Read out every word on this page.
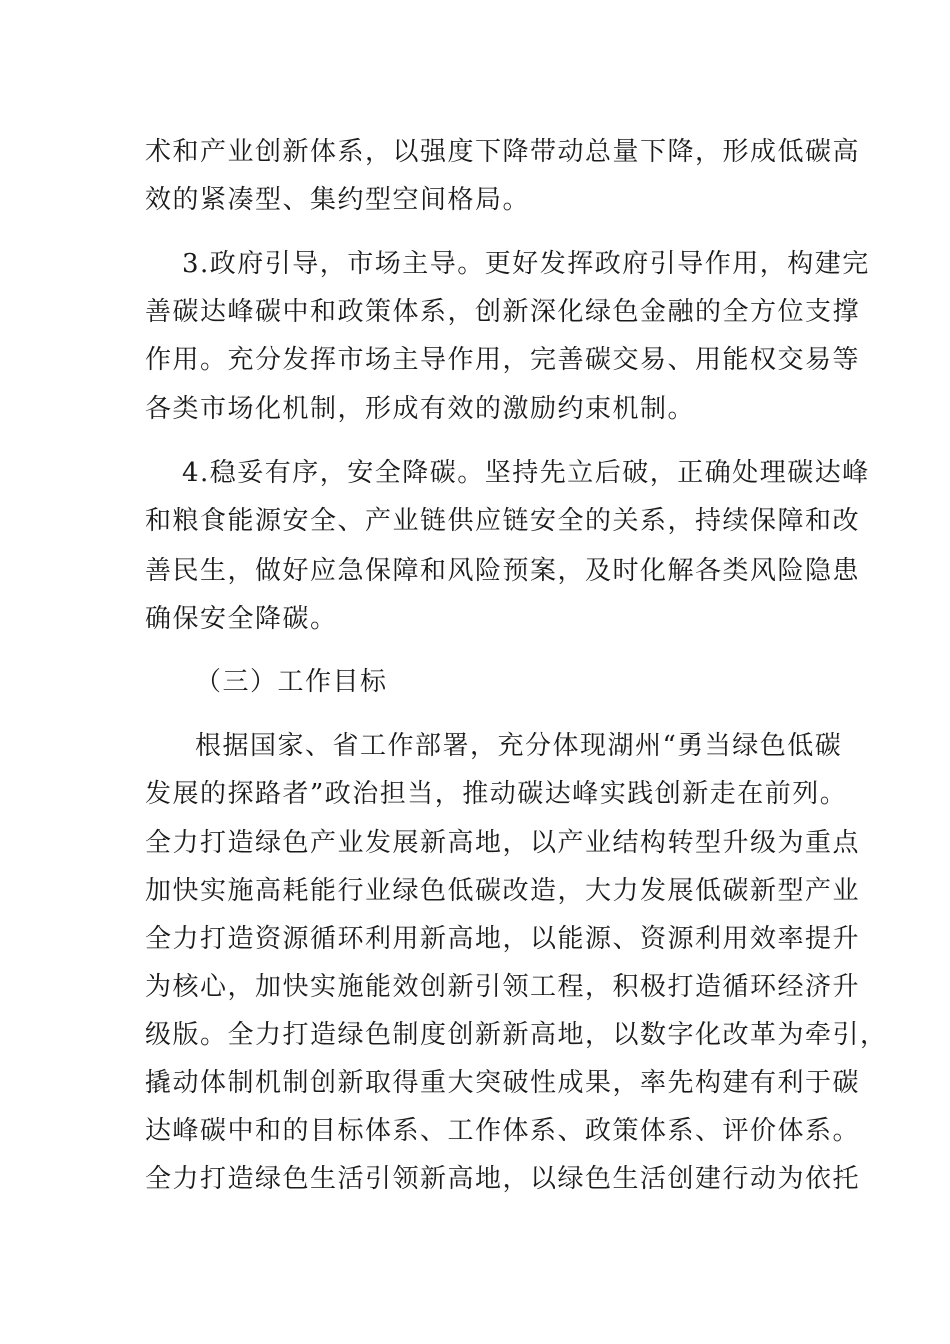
术和产业创新体系，以强度下降带动总量下降，形成低碳高

效的紧凑型、集约型空间格局。

3.政府引导，市场主导。更好发挥政府引导作用，构建完

善碳达峰碳中和政策体系，创新深化绿色金融的全方位支撑

作用。充分发挥市场主导作用，完善碳交易、用能权交易等

各类市场化机制，形成有效的激励约束机制。

4.稳妥有序，安全降碳。坚持先立后破，正确处理碳达峰

和粮食能源安全、产业链供应链安全的关系，持续保障和改

善民生，做好应急保障和风险预案，及时化解各类风险隐患

确保安全降碳。

（三）工作目标

根据国家、省工作部署，充分体现湖州“勇当绿色低碳

发展的探路者”政治担当，推动碳达峰实践创新走在前列。

全力打造绿色产业发展新高地，以产业结构转型升级为重点

加快实施高耗能行业绿色低碳改造，大力发展低碳新型产业

全力打造资源循环利用新高地，以能源、资源利用效率提升

为核心，加快实施能效创新引领工程，积极打造循环经济升

级版。全力打造绿色制度创新新高地，以数字化改革为牵引，

撬动体制机制创新取得重大突破性成果，率先构建有利于碳

达峰碳中和的目标体系、工作体系、政策体系、评价体系。

全力打造绿色生活引领新高地，以绿色生活创建行动为依托
